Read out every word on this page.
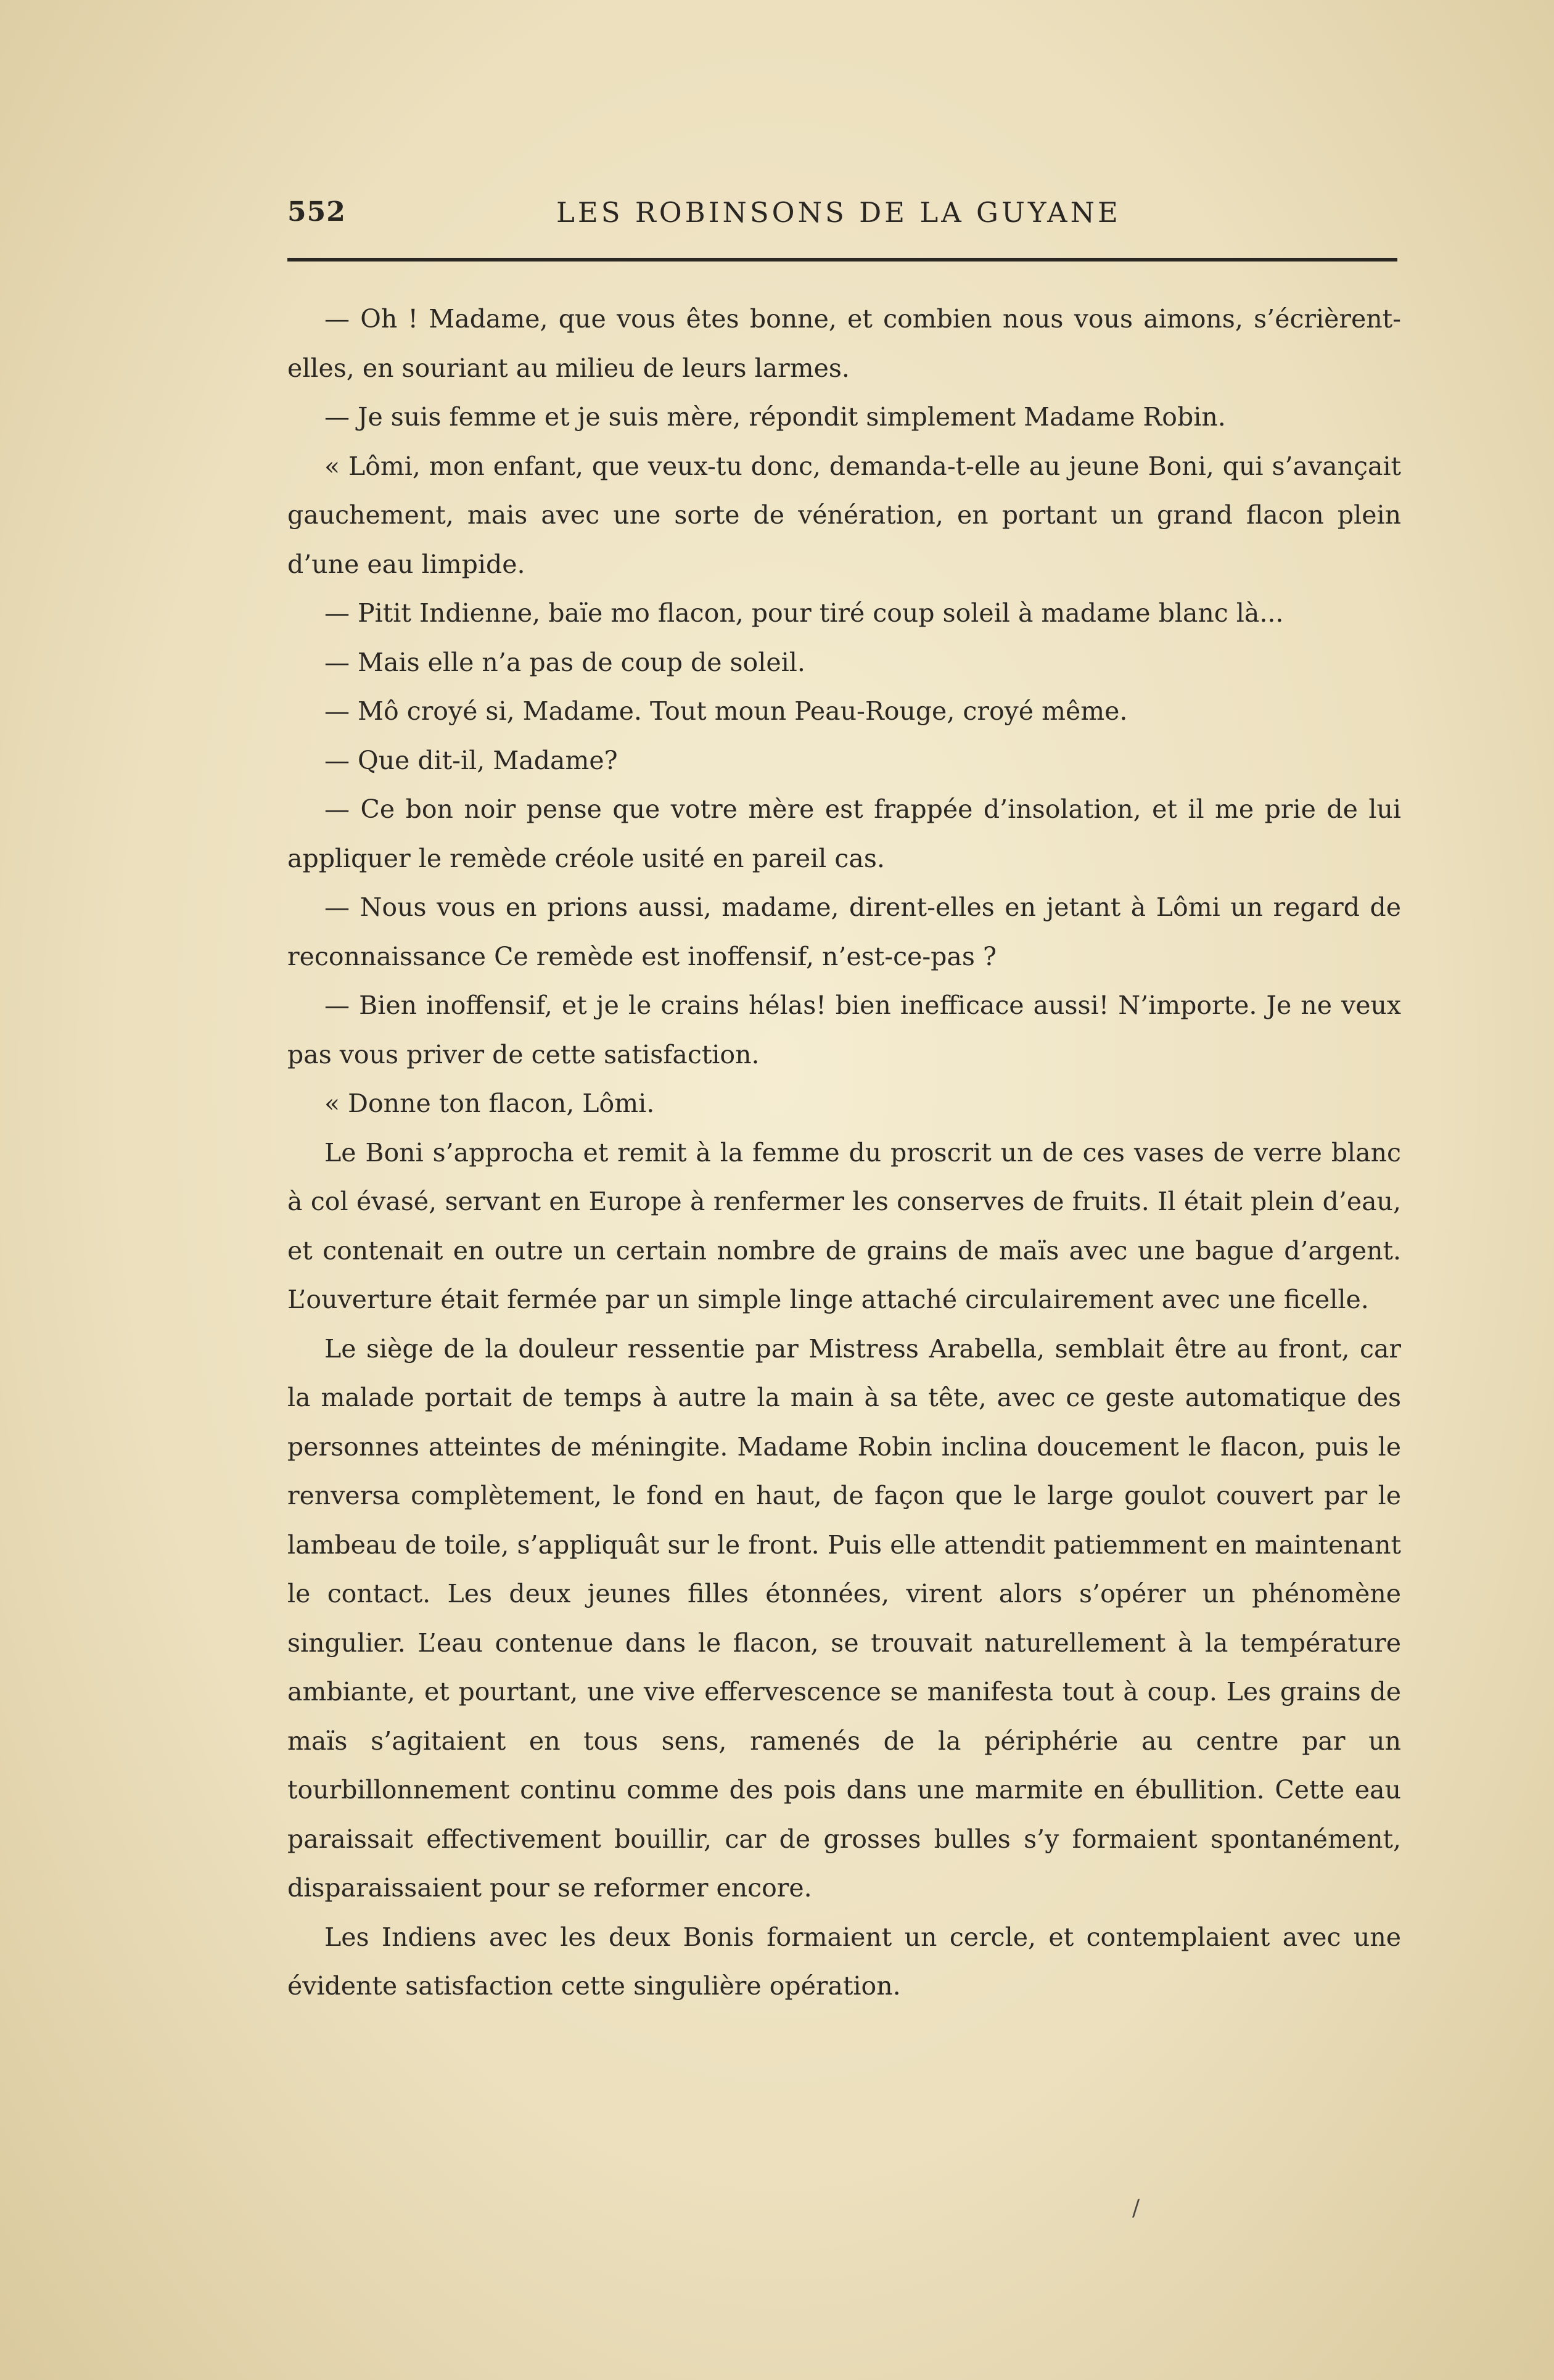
552	LES ROBINSONS DE LA GUYANE

— Oh ! Madame, que vous êtes bonne, et combien nous vous aimons, s’écrièrent-elles, en souriant au milieu de leurs larmes.

— Je suis femme et je suis mère, répondit simplement Madame Robin.

« Lômi, mon enfant, que veux-tu donc, demanda-t-elle au jeune Boni, qui s’avançait gauchement, mais avec une sorte de vénération, en portant un grand flacon plein d’une eau limpide.

— Pitit Indienne, baïe mo flacon, pour tiré coup soleil à madame blanc là...

— Mais elle n’a pas de coup de soleil.

— Mô croyé si, Madame. Tout moun Peau-Rouge, croyé même.

— Que dit-il, Madame?

— Ce bon noir pense que votre mère est frappée d’insolation, et il me prie de lui appliquer le remède créole usité en pareil cas.

— Nous vous en prions aussi, madame, dirent-elles en jetant à Lômi un regard de reconnaissance Ce remède est inoffensif, n’est-ce-pas ?

— Bien inoffensif, et je le crains hélas! bien inefficace aussi! N’importe. Je ne veux pas vous priver de cette satisfaction.

« Donne ton flacon, Lômi.

Le Boni s’approcha et remit à la femme du proscrit un de ces vases de verre blanc à col évasé, servant en Europe à renfermer les conserves de fruits. Il était plein d’eau, et contenait en outre un certain nombre de grains de maïs avec une bague d’argent. L’ouverture était fermée par un simple linge attaché circulairement avec une ficelle.

Le siège de la douleur ressentie par Mistress Arabella, semblait être au front, car la malade portait de temps à autre la main à sa tête, avec ce geste automatique des personnes atteintes de méningite. Madame Robin inclina doucement le flacon, puis le renversa complètement, le fond en haut, de façon que le large goulot couvert par le lambeau de toile, s’appliquât sur le front. Puis elle attendit patiemment en maintenant le contact. Les deux jeunes filles étonnées, virent alors s’opérer un phénomène singulier. L’eau contenue dans le flacon, se trouvait naturellement à la température ambiante, et pourtant, une vive effervescence se manifesta tout à coup. Les grains de maïs s’agitaient en tous sens, ramenés de la périphérie au centre par un tourbillonnement continu comme des pois dans une marmite en ébullition. Cette eau paraissait effectivement bouillir, car de grosses bulles s’y formaient spontanément, disparaissaient pour se reformer encore.

Les Indiens avec les deux Bonis formaient un cercle, et contemplaient avec une évidente satisfaction cette singulière opération.

/
